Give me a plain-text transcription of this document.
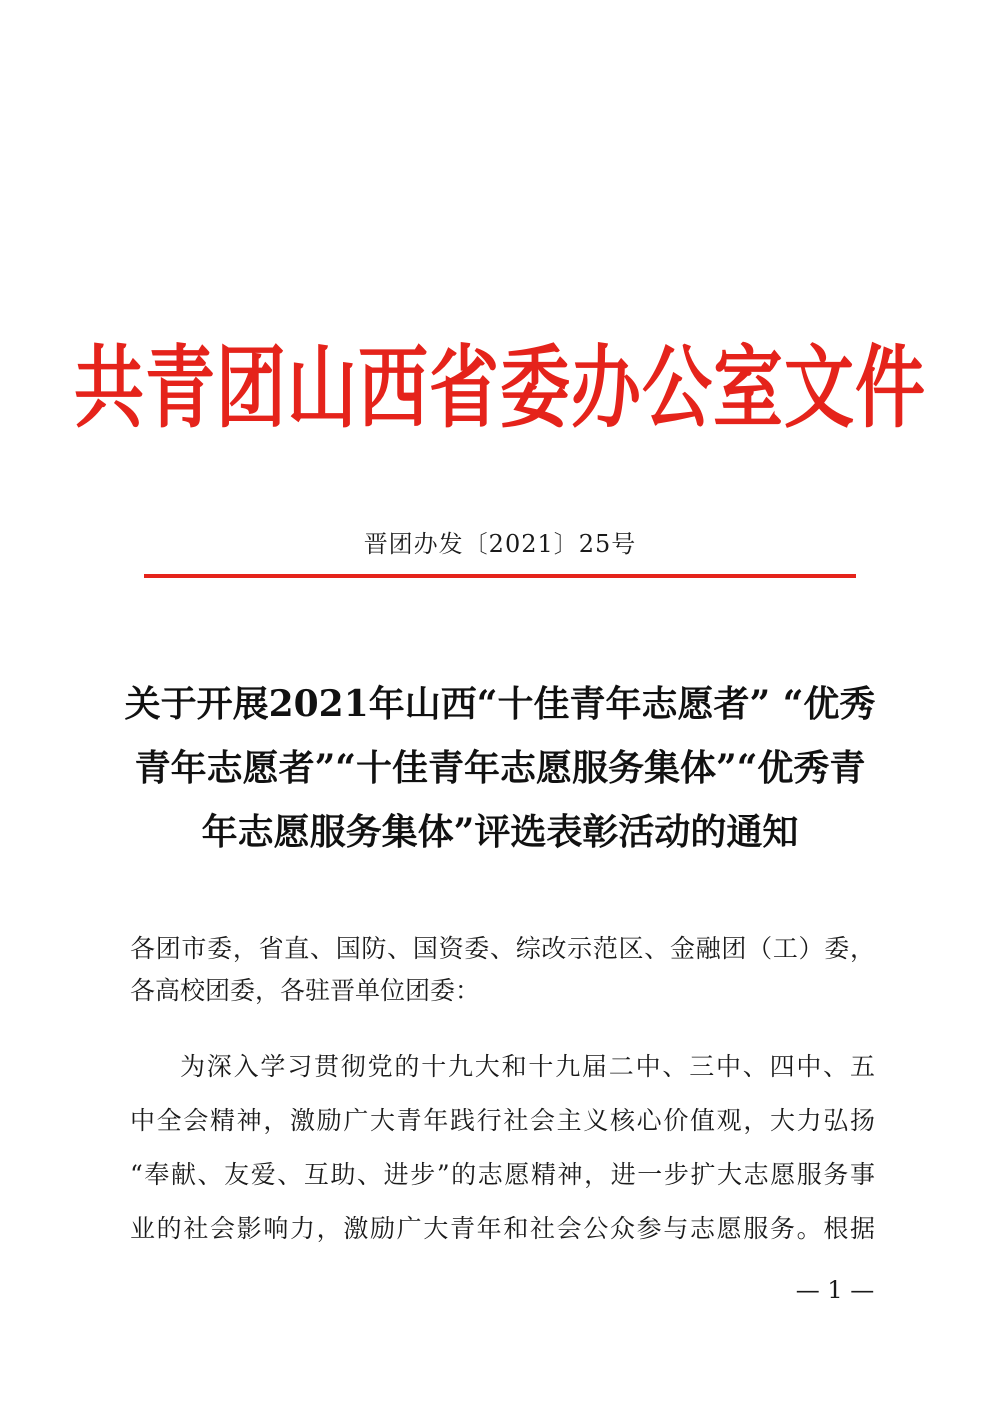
共青团山西省委办公室文件
晋团办发〔2021〕25号
关于开展2021年山西“十佳青年志愿者” “优秀
青年志愿者”“十佳青年志愿服务集体”“优秀青
年志愿服务集体”评选表彰活动的通知
各团市委，省直、国防、国资委、综改示范区、金融团（工）委，
各高校团委，各驻晋单位团委：
为深入学习贯彻党的十九大和十九届二中、三中、四中、五
中全会精神，激励广大青年践行社会主义核心价值观，大力弘扬
“奉献、友爱、互助、进步”的志愿精神，进一步扩大志愿服务事
业的社会影响力，激励广大青年和社会公众参与志愿服务。根据
— 1 —
